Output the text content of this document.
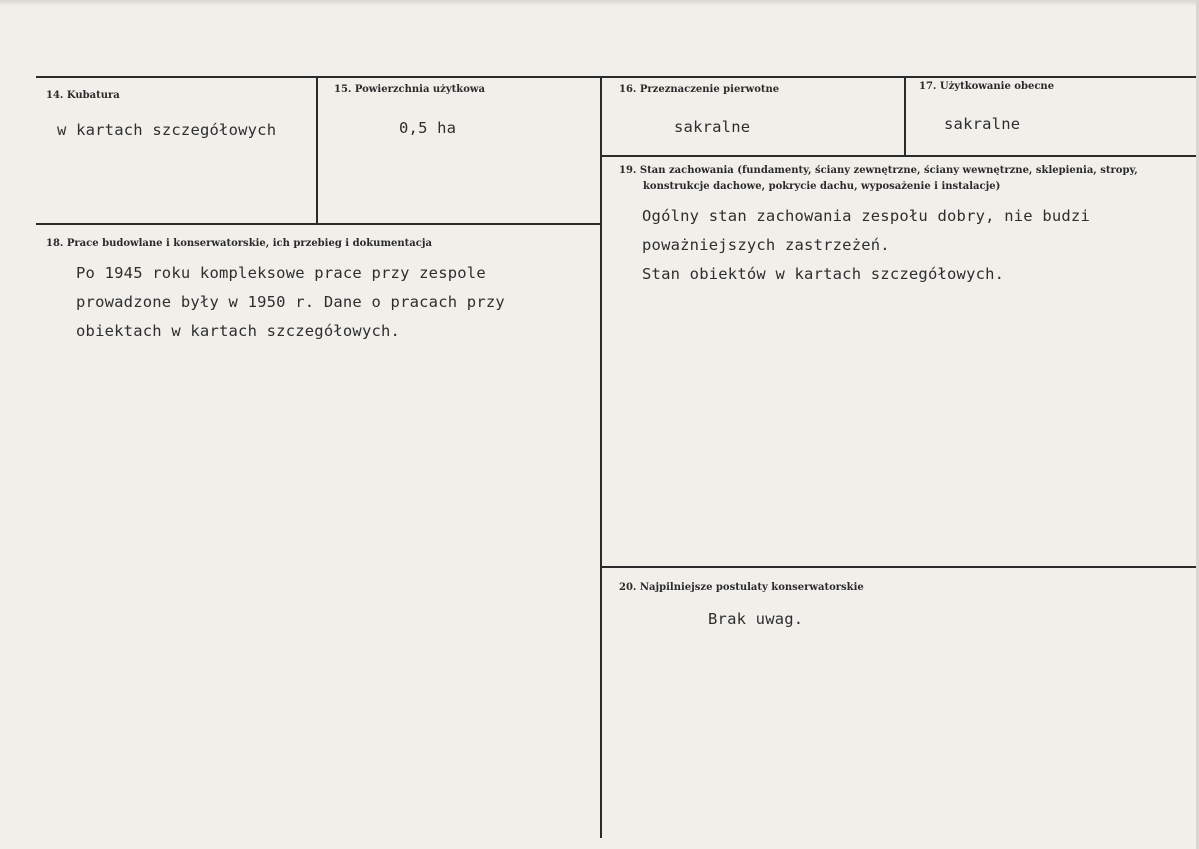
14. Kubatura
w kartach szczegółowych
15. Powierzchnia użytkowa
0,5 ha
16. Przeznaczenie pierwotne
sakralne
17. Użytkowanie obecne
sakralne
18. Prace budowlane i konserwatorskie, ich przebieg i dokumentacja
Po 1945 roku kompleksowe prace przy zespole
prowadzone były w 1950 r. Dane o pracach przy
obiektach w kartach szczegółowych.
19. Stan zachowania (fundamenty, ściany zewnętrzne, ściany wewnętrzne, sklepienia, stropy,
konstrukcje dachowe, pokrycie dachu, wyposażenie i instalacje)
Ogólny stan zachowania zespołu dobry, nie budzi
poważniejszych zastrzeżeń.
Stan obiektów w kartach szczegółowych.
20. Najpilniejsze postulaty konserwatorskie
Brak uwag.
